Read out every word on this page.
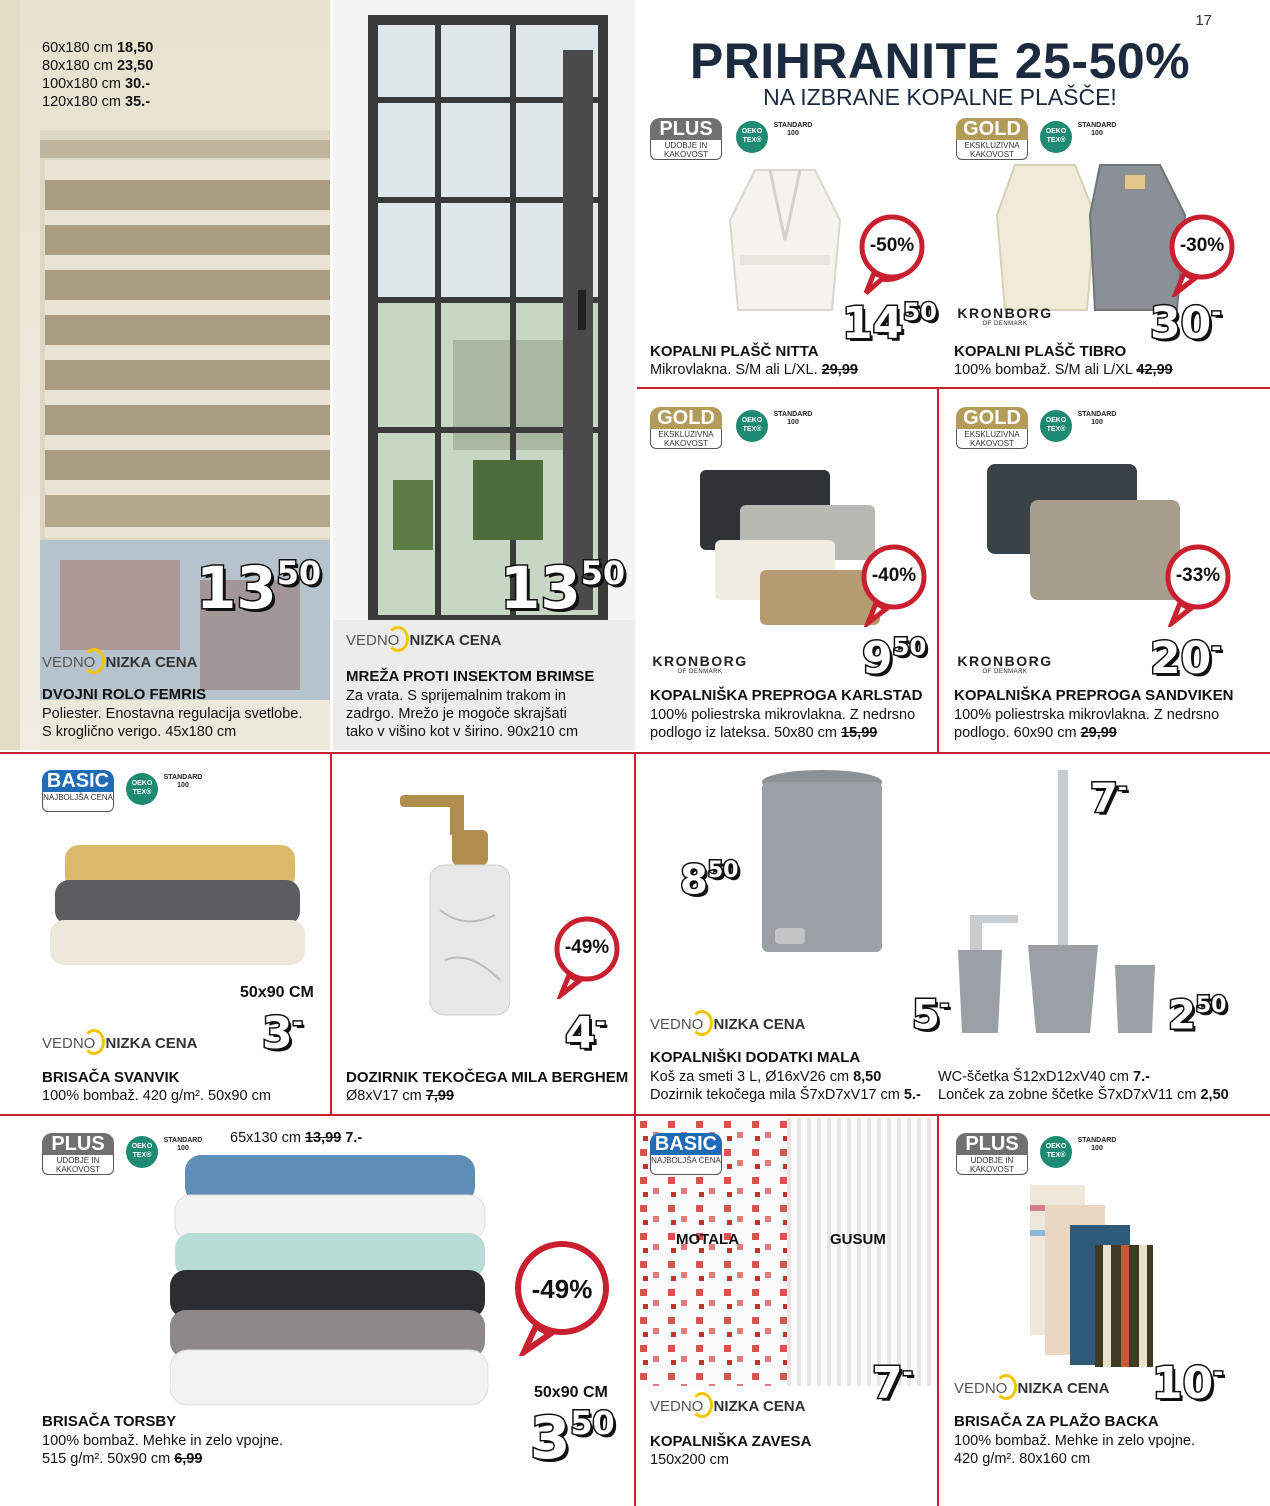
17
PRIHRANITE 25-50%
NA IZBRANE KOPALNE PLAŠČE!
60x180 cm 18,50
80x180 cm 23,50
100x180 cm 30.-
120x180 cm 35.-
$13^{50}$
VEDNO NIZKA CENA
DVOJNI ROLO FEMRIS
Poliester. Enostavna regulacija svetlobe.
S kroglično verigo. 45x180 cm
$13^{50}$
VEDNO NIZKA CENA
MREŽA PROTI INSEKTOM BRIMSE
Za vrata. S sprijemalnim trakom in
zadrgo. Mrežo je mogoče skrajšati
tako v višino kot v širino. 90x210 cm
PLUS
UDOBJE IN KAKOVOST
OEKO TEX®
STANDARD 100
-50%
$14^{50}$
KOPALNI PLAŠČ NITTA
Mikrovlakna. S/M ali L/XL. 29,99
GOLD
EKSKLUZIVNA KAKOVOST
OEKO TEX®
STANDARD 100
-30%
KRONBORG
OF DENMARK	30-
KOPALNI PLAŠČ TIBRO
100% bombaž. S/M ali L/XL 42,99
GOLD
EKSKLUZIVNA KAKOVOST
OEKO TEX®
STANDARD 100
-40%
KRONBORG
OF DENMARK	$9^{50}$
KOPALNIŠKA PREPROGA KARLSTAD
100% poliestrska mikrovlakna. Z nedrsno
podlogo iz lateksa. 50x80 cm 15,99
GOLD
EKSKLUZIVNA KAKOVOST
OEKO TEX®
STANDARD 100
-33%
KRONBORG
OF DENMARK	20-
KOPALNIŠKA PREPROGA SANDVIKEN
100% poliestrska mikrovlakna. Z nedrsno
podlogo. 60x90 cm 29,99
BASIC
NAJBOLJŠA CENA
OEKO TEX®
STANDARD 100
50x90 CM
3-
VEDNO NIZKA CENA
BRISAČA SVANVIK
100% bombaž. 420 g/m². 50x90 cm
-49%
4-
DOZIRNIK TEKOČEGA MILA BERGHEM
Ø8xV17 cm 7,99
$8^{50}$
7-
5-	$2^{50}$
VEDNO NIZKA CENA
KOPALNIŠKI DODATKI MALA
Koš za smeti 3 L, Ø16xV26 cm 8,50
Dozirnik tekočega mila Š7xD7xV17 cm 5.-
WC-ščetka Š12xD12xV40 cm 7.-
Lonček za zobne ščetke Š7xD7xV11 cm 2,50
PLUS
UDOBJE IN KAKOVOST
OEKO TEX®
STANDARD 100
65x130 cm 13,99 7.-
-49%
50x90 CM
$3^{50}$
BRISAČA TORSBY
100% bombaž. Mehke in zelo vpojne.
515 g/m². 50x90 cm 6,99
BASIC
NAJBOLJŠA CENA
MOTALA	GUSUM
7-
VEDNO NIZKA CENA
KOPALNIŠKA ZAVESA
150x200 cm
PLUS
UDOBJE IN KAKOVOST
OEKO TEX®
STANDARD 100
10-
VEDNO NIZKA CENA
BRISAČA ZA PLAŽO BACKA
100% bombaž. Mehke in zelo vpojne.
420 g/m². 80x160 cm
